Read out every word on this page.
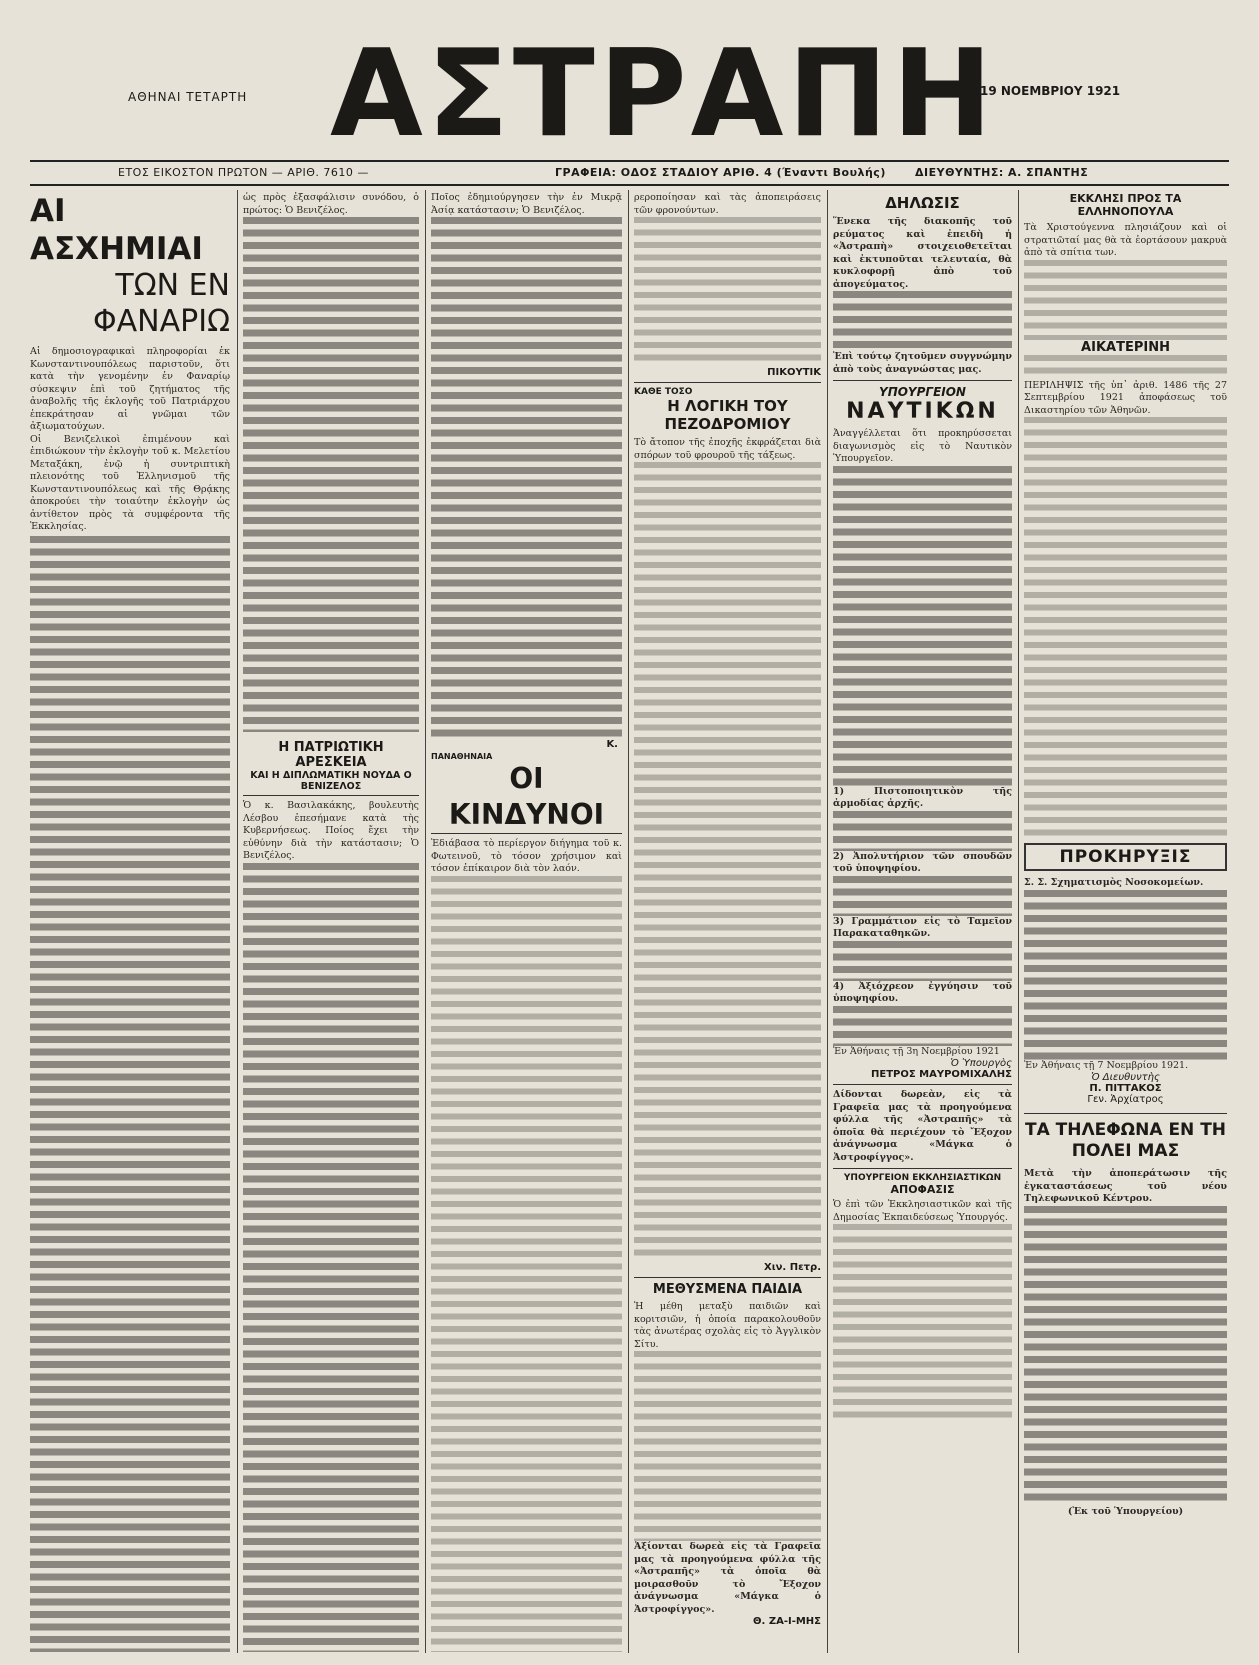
ΑΘΗΝΑΙ ΤΕΤΑΡΤΗ ΑΣΤΡΑΠΗ
19 ΝΟΕΜΒΡΙΟΥ 1921
ΕΤΟΣ ΕΙΚΟΣΤΟΝ ΠΡΩΤΟΝ — ΑΡΙΘ. 7610 —	ΓΡΑΦΕΙΑ: ΟΔΟΣ ΣΤΑΔΙΟΥ ΑΡΙΘ. 4 (Έναντι Βουλής)	ΔΙΕΥΘΥΝΤΗΣ: Α. ΣΠΑΝΤΗΣ
ΑΙ ΑΣΧΗΜΙΑΙ
ΤΩΝ ΕΝ ΦΑΝΑΡΙΩ
Αἱ δημοσιογραφικαὶ πληροφορίαι ἐκ Κωνσταντινουπόλεως παριστοῦν, ὅτι κατὰ τὴν γενομένην ἐν Φαναρίῳ σύσκεψιν ἐπὶ τοῦ ζητήματος τῆς ἀναβολῆς τῆς ἐκλογῆς τοῦ Πατριάρχου ἐπεκράτησαν αἱ γνῶμαι τῶν ἀξιωματούχων.
Οἱ Βενιζελικοὶ ἐπιμένουν καὶ ἐπιδιώκουν τὴν ἐκλογὴν τοῦ κ. Μελετίου Μεταξάκη, ἐνῷ ἡ συντριπτικὴ πλειονότης τοῦ Ἑλληνισμοῦ τῆς Κωνσταντινουπόλεως καὶ τῆς Θρᾴκης ἀποκρούει τὴν τοιαύτην ἐκλογὴν ὡς ἀντίθετον πρὸς τὰ συμφέροντα τῆς Ἐκκλησίας.
ὡς πρὸς ἐξασφάλισιν συνόδου, ὁ πρώτος: Ὁ Βενιζέλος.
Η ΠΑΤΡΙΩΤΙΚΗ ΑΡΕΣΚΕΙΑ
ΚΑΙ Η ΔΙΠΛΩΜΑΤΙΚΗ ΝΟΥΔΑ Ο ΒΕΝΙΖΕΛΟΣ
Ὁ κ. Βασιλακάκης, βουλευτὴς Λέσβου ἐπεσήμανε κατὰ τὴς Κυβερνήσεως. Ποίος ἔχει τὴν εὐθύνην διὰ τὴν κατάστασιν; Ὁ Βενιζέλος.
Ποῖος ἐδημιούργησεν τὴν ἐν Μικρᾷ Ἀσίᾳ κατάστασιν; Ὁ Βενιζέλος.
Κ.
ΠΑΝΑΘΗΝΑΙΑ
ΟΙ ΚΙΝΔΥΝΟΙ
Ἐδιάβασα τὸ περίεργον διήγημα τοῦ κ. Φωτεινοῦ, τὸ τόσον χρήσιμον καὶ τόσον ἐπίκαιρον διὰ τὸν λαόν.
ρεροποίησαν καὶ τὰς ἀποπειράσεις τῶν φρονούντων.
ΠΙΚΟΥΤΙΚ
ΚΑΘΕ ΤΟΣΟ
Η ΛΟΓΙΚΗ ΤΟΥ ΠΕΖΟΔΡΟΜΙΟΥ
Τὸ ἄτοπον τῆς ἐποχῆς ἐκφράζεται διὰ σπόρων τοῦ φρουροῦ τῆς τάξεως.
Χιν. Πετρ.
ΜΕΘΥΣΜΕΝΑ ΠΑΙΔΙΑ
Ἡ μέθη μεταξὺ παιδιῶν καὶ κοριτσιῶν, ἡ ὁποία παρακολουθοῦν τὰς ἀνωτέρας σχολὰς εἰς τὸ Ἀγγλικὸν Σίτυ.
Ἀξίονται δωρεὰ εἰς τὰ Γραφεῖα μας τὰ προηγούμενα φύλλα τῆς «Ἀστραπῆς» τὰ ὁποῖα θὰ μοιρασθοῦν τὸ Ἔξοχον ἀνάγνωσμα «Μάγκα ὁ Ἀστροφίγγος».
Θ. ΖΑ-Ι-ΜΗΣ
ΔΗΛΩΣΙΣ
Ἕνεκα τῆς διακοπῆς τοῦ ρεύματος καὶ ἐπειδὴ ἡ «Ἀστραπὴ» στοιχειοθετεῖται καὶ ἐκτυποῦται τελευταία, θὰ κυκλοφορῇ ἀπὸ τοῦ ἀπογεύματος.
Ἐπὶ τούτῳ ζητοῦμεν συγγνώμην ἀπὸ τοὺς ἀναγνώστας μας.
ΥΠΟΥΡΓΕΙΟΝ
ΝΑΥΤΙΚΩΝ
Ἀναγγέλλεται ὅτι προκηρύσσεται διαγωνισμὸς εἰς τὸ Ναυτικὸν Ὑπουργεῖον.
1) Πιστοποιητικὸν τῆς ἀρμοδίας ἀρχῆς.
2) Ἀπολυτήριον τῶν σπουδῶν τοῦ ὑποψηφίου.
3) Γραμμάτιον εἰς τὸ Ταμεῖον Παρακαταθηκῶν.
4) Ἀξιόχρεον ἐγγύησιν τοῦ ὑποψηφίου.
Ἐν Ἀθήναις τῇ 3η Νοεμβρίου 1921
Ὁ Ὑπουργὸς
ΠΕΤΡΟΣ ΜΑΥΡΟΜΙΧΑΛΗΣ
Δίδονται δωρεὰν, εἰς τὰ Γραφεῖα μας τὰ προηγούμενα φύλλα τῆς «Ἀστραπῆς» τὰ ὁποῖα θὰ περιέχουν τὸ Ἔξοχον ἀνάγνωσμα «Μάγκα ὁ Ἀστροφίγγος».
ΥΠΟΥΡΓΕΙΟΝ ΕΚΚΛΗΣΙΑΣΤΙΚΩΝ
ΑΠΟΦΑΣΙΣ
Ὁ ἐπὶ τῶν Ἐκκλησιαστικῶν καὶ τῆς Δημοσίας Ἐκπαιδεύσεως Ὑπουργός.
ΕΚΚΛΗΣΙ ΠΡΟΣ ΤΑ ΕΛΛΗΝΟΠΟΥΛΑ
Τὰ Χριστούγεννα πλησιάζουν καὶ οἱ στρατιῶταί μας θὰ τὰ ἑορτάσουν μακρυὰ ἀπὸ τὰ σπίτια των.
ΑΙΚΑΤΕΡΙΝΗ
ΠΕΡΙΛΗΨΙΣ τῆς ὑπ᾽ ἀριθ. 1486 τῆς 27 Σεπτεμβρίου 1921 ἀποφάσεως τοῦ Δικαστηρίου τῶν Ἀθηνῶν.
ΠΡΟΚΗΡΥΞΙΣ
Σ. Σ. Σχηματισμὸς Νοσοκομείων.
Ἐν Ἀθήναις τῇ 7 Νοεμβρίου 1921.
Ὁ Διευθυντὴς
Π. ΠΙΤΤΑΚΟΣ
Γεν. Ἀρχίατρος
ΤΑ ΤΗΛΕΦΩΝΑ ΕΝ ΤΗ ΠΟΛΕΙ ΜΑΣ
Μετὰ τὴν ἀποπεράτωσιν τῆς ἐγκαταστάσεως τοῦ νέου Τηλεφωνικοῦ Κέντρου.
(Ἐκ τοῦ Ὑπουργείου)
